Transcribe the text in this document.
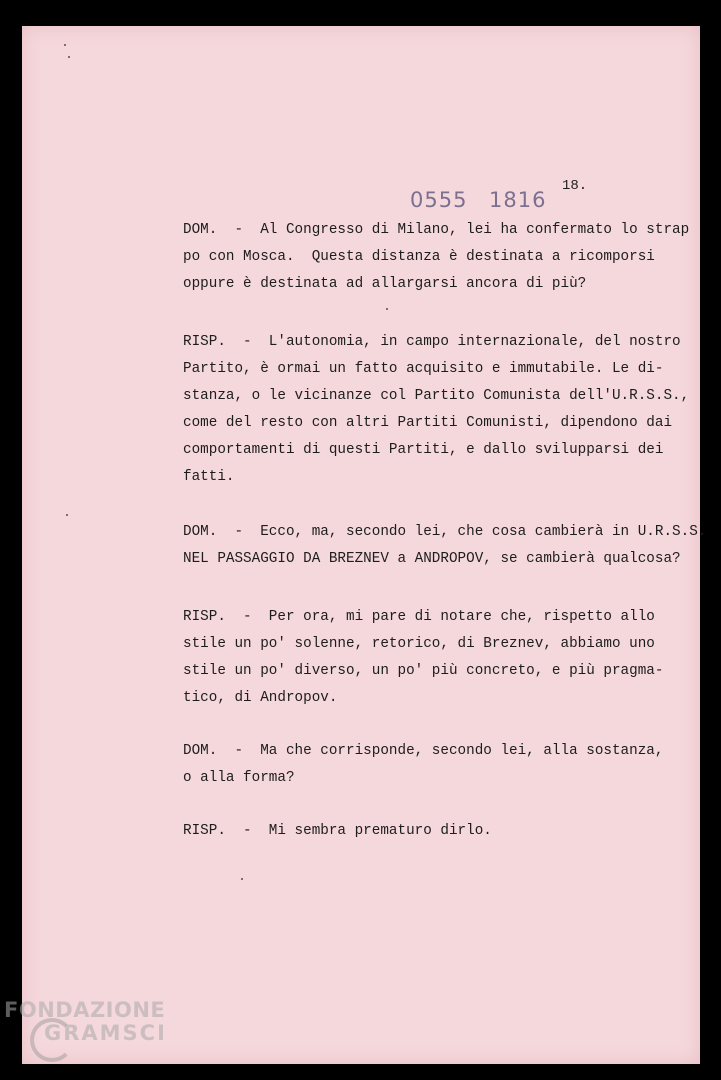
0555 1816
18.
DOM.  -  Al Congresso di Milano, lei ha confermato lo strap
po con Mosca.  Questa distanza è destinata a ricomporsi
oppure è destinata ad allargarsi ancora di più?
RISP.  -  L'autonomia, in campo internazionale, del nostro
Partito, è ormai un fatto acquisito e immutabile. Le di-
stanza, o le vicinanze col Partito Comunista dell'U.R.S.S.,
come del resto con altri Partiti Comunisti, dipendono dai
comportamenti di questi Partiti, e dallo svilupparsi dei
fatti.
DOM.  -  Ecco, ma, secondo lei, che cosa cambierà in U.R.S.S.
NEL PASSAGGIO DA BREZNEV a ANDROPOV, se cambierà qualcosa?
RISP.  -  Per ora, mi pare di notare che, rispetto allo
stile un po' solenne, retorico, di Breznev, abbiamo uno
stile un po' diverso, un po' più concreto, e più pragma-
tico, di Andropov.
DOM.  -  Ma che corrisponde, secondo lei, alla sostanza,
o alla forma?
RISP.  -  Mi sembra prematuro dirlo.
FONDAZIONE
GRAMSCI
